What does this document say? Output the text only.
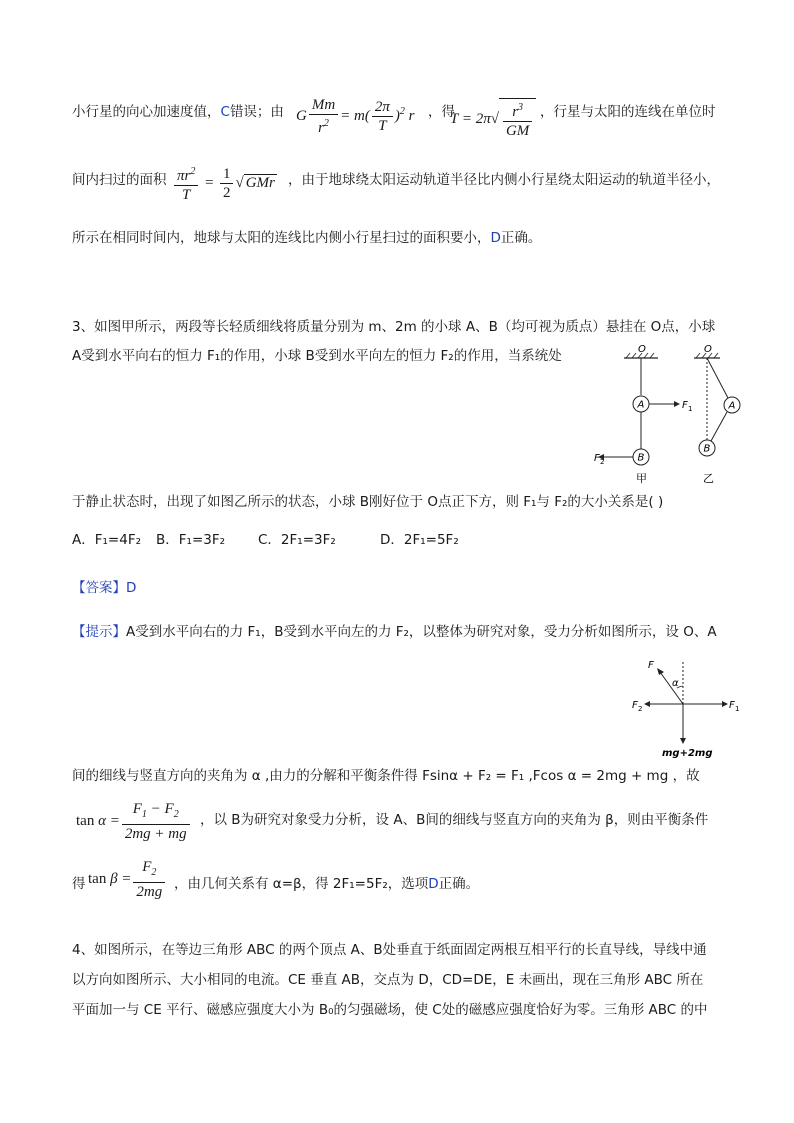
小行星的向心加速度值，C错误；由 G $\frac{Mm}{r^2} = m( \frac{2\pi}{T} )^2$ r ，得
$T = 2\pi√ \frac{r^3}{GM}$ ，行星与太阳的连线在单位时
间内扫过的面积 $\frac{\pi r^2}{T} = \frac{1}{2}$ √ GMr ，由于地球绕太阳运动轨道半径比内侧小行星绕太阳运动的轨道半径小，
所示在相同时间内，地球与太阳的连线比内侧小行星扫过的面积要小，D正确。
3、如图甲所示，两段等长轻质细线将质量分别为 m、2m 的小球 A、B（均可视为质点）悬挂在 O点，小球
A受到水平向右的恒力 F₁的作用，小球 B受到水平向左的恒力 F₂的作用，当系统处	O
A	F 1
B
F 2
甲
O
A
B
乙
于静止状态时，出现了如图乙所示的状态，小球 B刚好位于 O点正下方，则 F₁与 F₂的大小关系是( )
A．F₁=4F₂ B．F₁=3F₂ C．2F₁=3F₂	D．2F₁=5F₂
【答案】D
【提示】A受到水平向右的力 F₁，B受到水平向左的力 F₂，以整体为研究对象，受力分析如图所示，设 O、A
F
α
F 1
F 2
mg+2mg
间的细线与竖直方向的夹角为 α ,由力的分解和平衡条件得 Fsinα + F₂ = F₁ ,Fcos α = 2mg + mg ，故
$\tan \alpha = \frac{F_1 - F_2}{2mg + mg}$ ，以 B为研究对象受力分析，设 A、B间的细线与竖直方向的夹角为 β，则由平衡条件
得 $\tan \beta = \frac{F_2}{2mg}$ ，由几何关系有 α=β，得 2F₁=5F₂，选项D正确。
4、如图所示，在等边三角形 ABC 的两个顶点 A、B处垂直于纸面固定两根互相平行的长直导线，导线中通
以方向如图所示、大小相同的电流。CE 垂直 AB，交点为 D，CD=DE，E 未画出，现在三角形 ABC 所在
平面加一与 CE 平行、磁感应强度大小为 B₀的匀强磁场，使 C处的磁感应强度恰好为零。三角形 ABC 的中
